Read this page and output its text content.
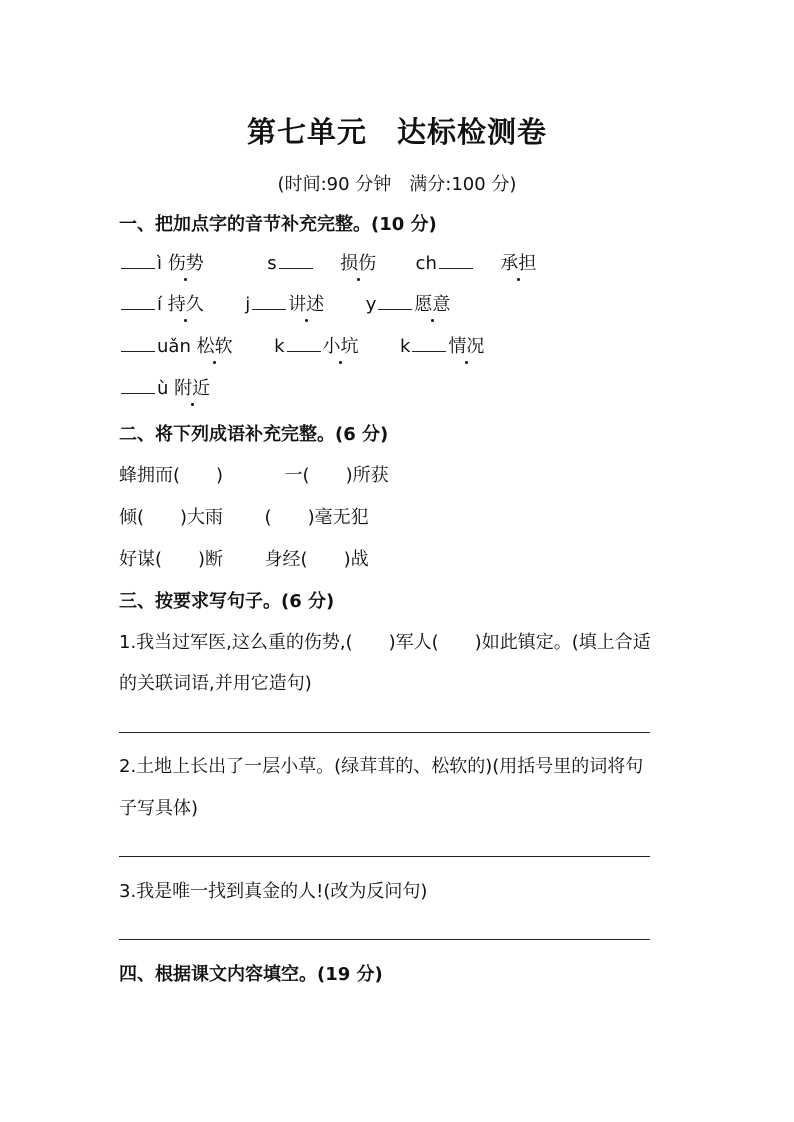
第七单元　达标检测卷
(时间:90 分钟　满分:100 分)
一、把加点字的音节补充完整。(10 分)
ì 伤势	s	损伤 ch	承担
í 持久 j 讲述 y 愿意
uǎn 松软 k 小坑 k 情况
ù 附近
二、将下列成语补充完整。(6 分)
蜂拥而( )	一( )所获
倾( )大雨 ( )毫无犯
好谋( )断 身经( )战
三、按要求写句子。(6 分)
1.我当过军医,这么重的伤势,(　　)军人(　　)如此镇定。(填上合适
的关联词语,并用它造句)
2.土地上长出了一层小草。(绿茸茸的、松软的)(用括号里的词将句
子写具体)
3.我是唯一找到真金的人!(改为反问句)
四、根据课文内容填空。(19 分)
